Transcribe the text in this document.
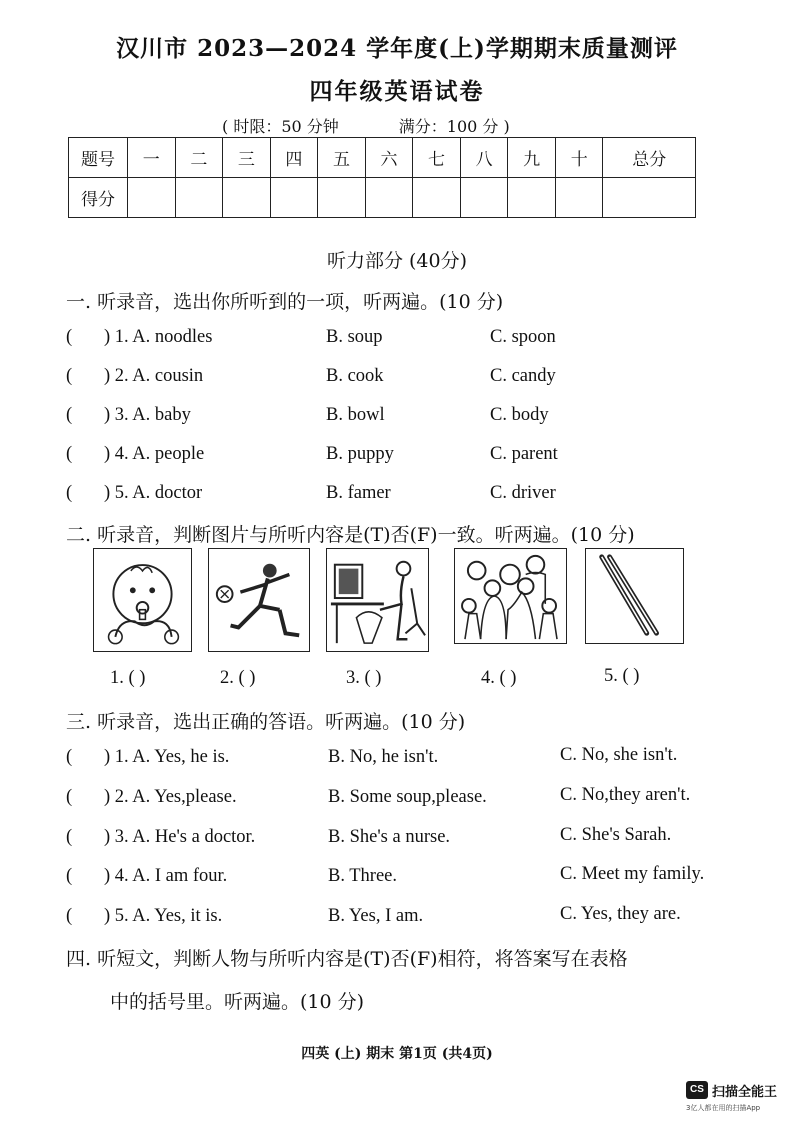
汉川市 2023—2024 学年度(上)学期期末质量测评
四年级英语试卷
( 时限：50 分钟	满分：100 分 )
题号	一	二	三	四	五	六	七	八	九	十	总分
得分											
听力部分 (40分)
一. 听录音，选出你所听到的一项，听两遍。(10 分)
( ) 1. A. noodles	B. soup	C. spoon
( ) 2. A. cousin	B. cook	C. candy
( ) 3. A. baby	B. bowl	C. body
( ) 4. A. people	B. puppy	C. parent
( ) 5. A. doctor	B. famer	C. driver
二. 听录音，判断图片与所听内容是(T)否(F)一致。听两遍。(10 分)
1. ( )	2. ( )	3. ( )	4. ( )	5. ( )
三. 听录音，选出正确的答语。听两遍。(10 分)
( ) 1. A. Yes, he is.	B. No, he isn't.	C. No, she isn't.
( ) 2. A. Yes,please.	B. Some soup,please.	C. No,they aren't.
( ) 3. A. He's a doctor.	B. She's a nurse.	C. She's Sarah.
( ) 4. A. I am four.	B. Three.	C. Meet my family.
( ) 5. A. Yes, it is.	B. Yes, I am.	C. Yes, they are.
四. 听短文，判断人物与所听内容是(T)否(F)相符，将答案写在表格
中的括号里。听两遍。(10 分)
四英 (上) 期末 第1页 (共4页)
CS 扫描全能王
3亿人都在用的扫描App
